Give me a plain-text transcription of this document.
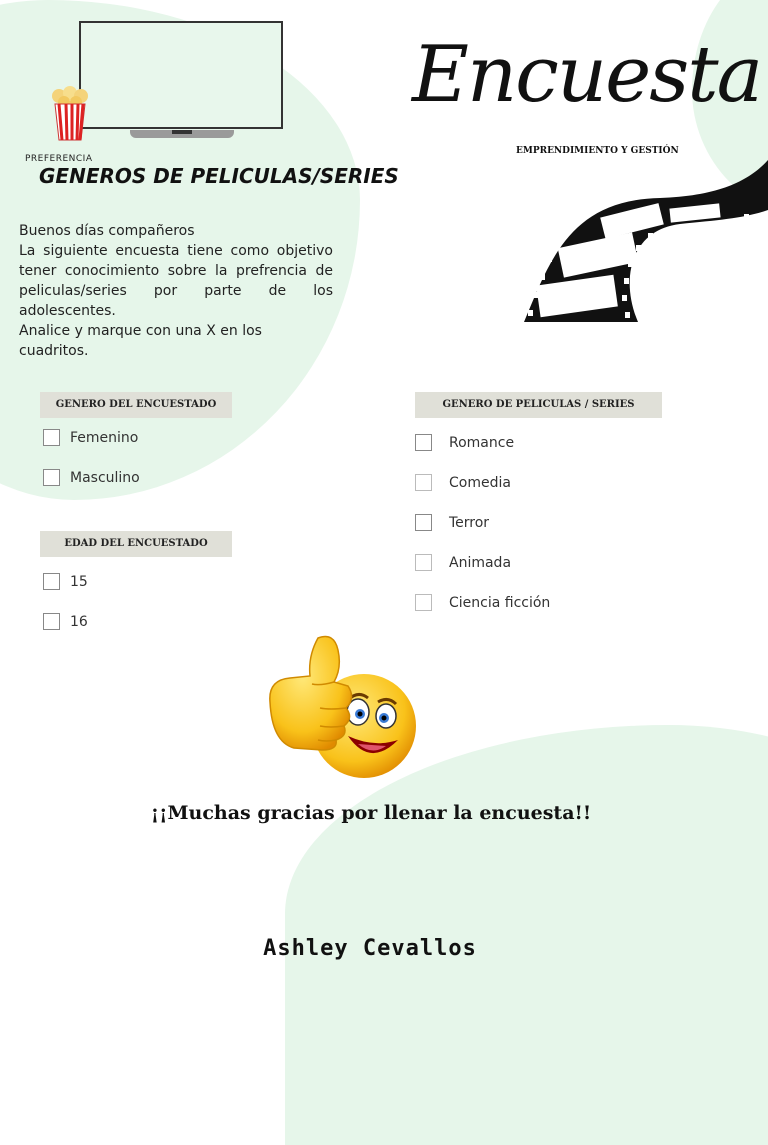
PREFERENCIA
GENEROS DE PELICULAS/SERIES

Buenos días compañeros

La siguiente encuesta tiene como objetivo tener conocimiento sobre la prefrencia de peliculas/series por parte de los adolescentes.

Analice y marque con una X en los cuadritos.

Encuesta
EMPRENDIMIENTO Y GESTIÓN
GENERO DEL ENCUESTADO
Femenino
Masculino
EDAD DEL ENCUESTADO
15
16
GENERO DE PELICULAS / SERIES
Romance
Comedia
Terror
Animada
Ciencia ficción
¡¡Muchas gracias por llenar la encuesta!!
Ashley Cevallos
